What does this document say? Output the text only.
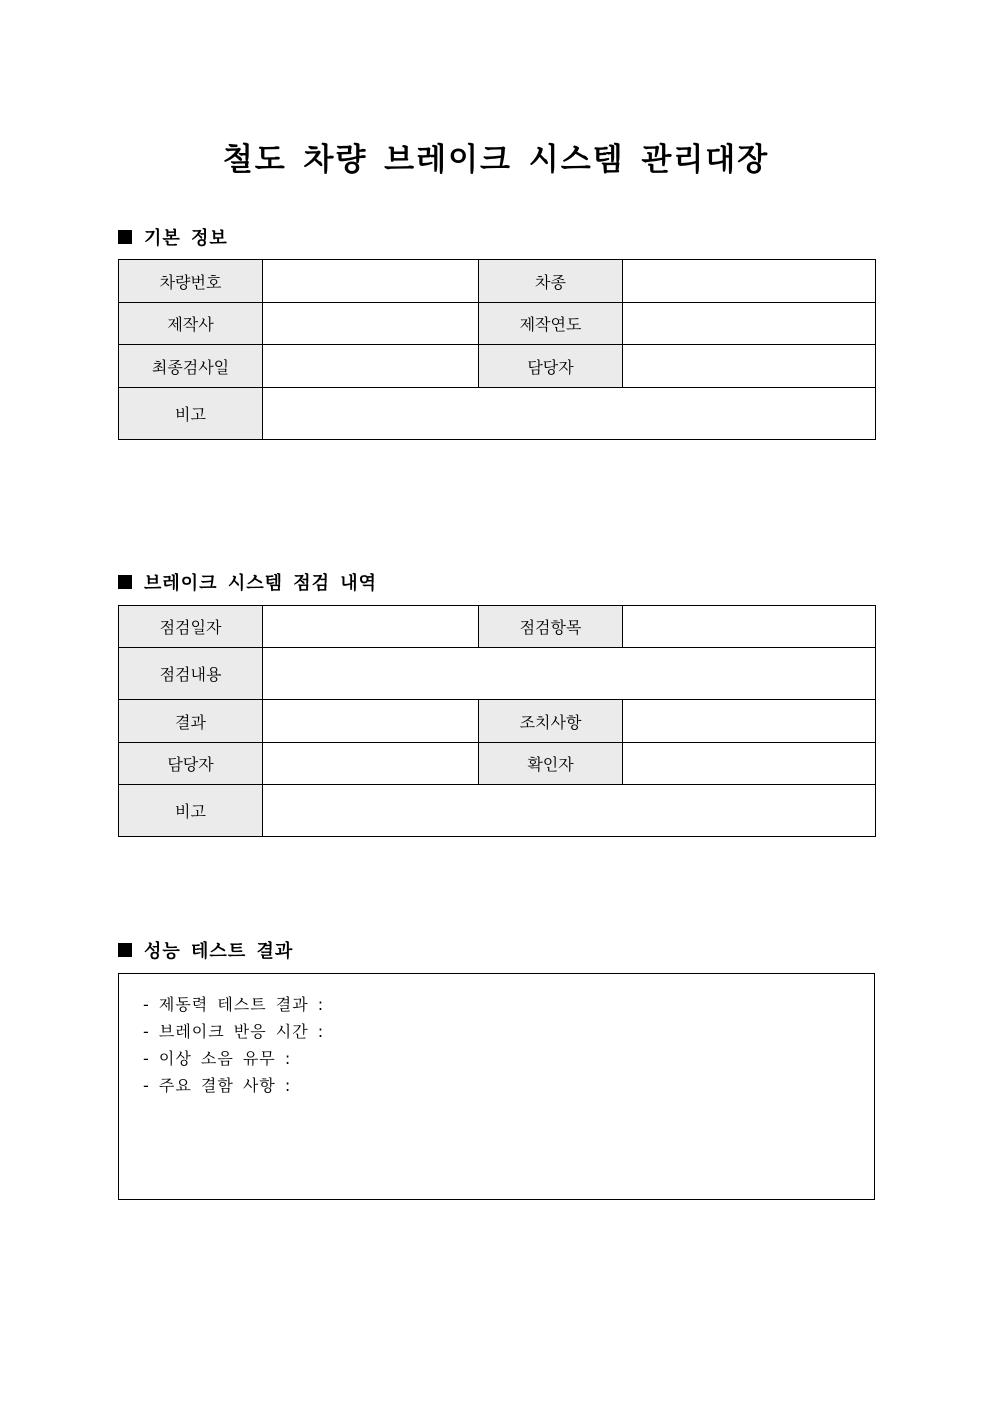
철도 차량 브레이크 시스템 관리대장
기본 정보
차량번호		차종	
제작사		제작연도	
최종검사일		담당자	
비고			
브레이크 시스템 점검 내역
점검일자		점검항목	
점검내용			
결과		조치사항	
담당자		확인자	
비고			
성능 테스트 결과
- 제동력 테스트 결과 :
- 브레이크 반응 시간 :
- 이상 소음 유무 :
- 주요 결함 사항 :
